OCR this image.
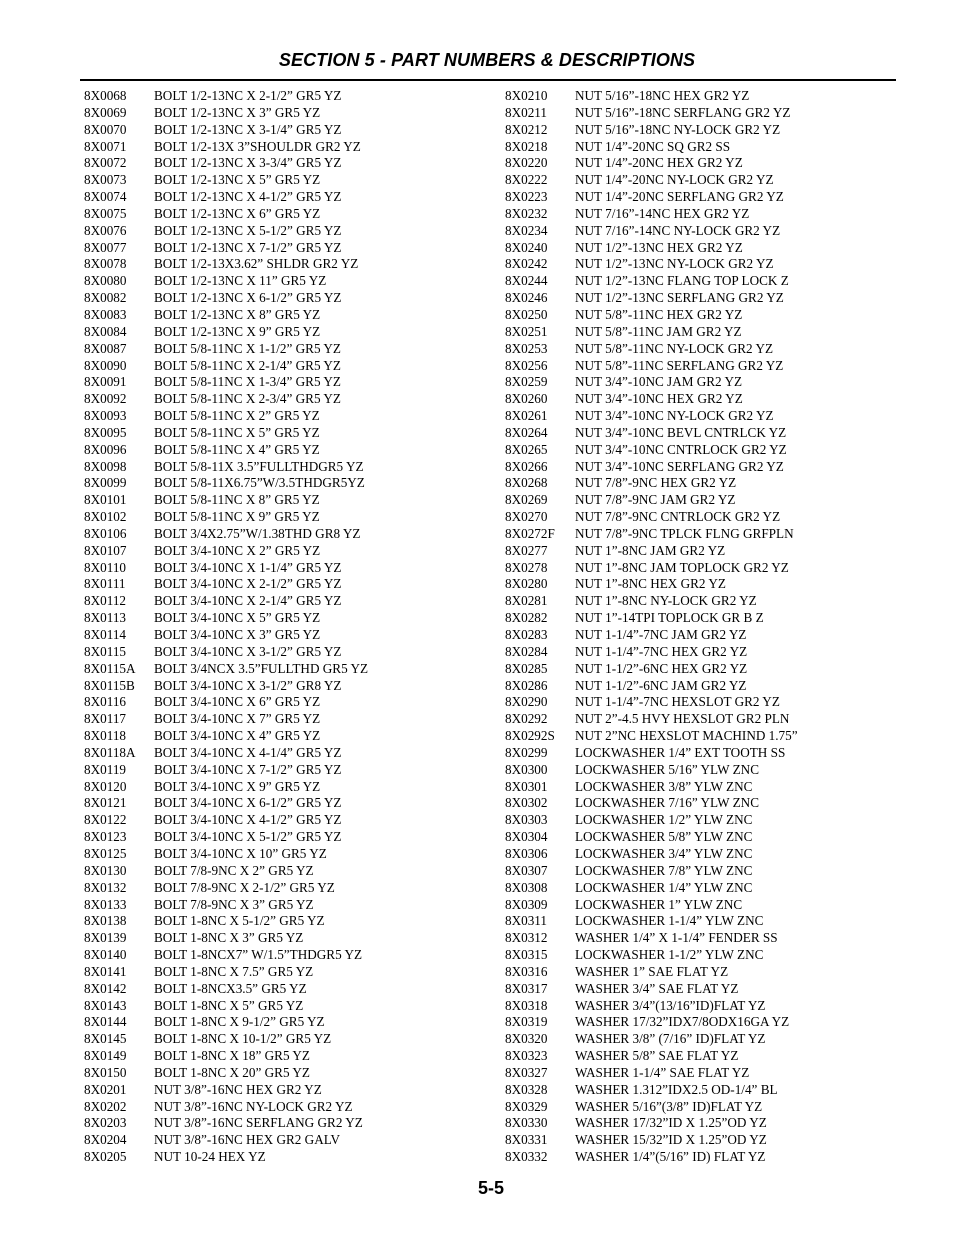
SECTION 5 - PART NUMBERS & DESCRIPTIONS
8X0068 BOLT 1/2-13NC X 2-1/2” GR5 YZ
8X0069 BOLT 1/2-13NC X 3” GR5 YZ
8X0070 BOLT 1/2-13NC X 3-1/4” GR5 YZ
8X0071 BOLT 1/2-13X 3”SHOULDR GR2 YZ
8X0072 BOLT 1/2-13NC X 3-3/4” GR5 YZ
8X0073 BOLT 1/2-13NC X 5” GR5 YZ
8X0074 BOLT 1/2-13NC X 4-1/2” GR5 YZ
8X0075 BOLT 1/2-13NC X 6” GR5 YZ
8X0076 BOLT 1/2-13NC X 5-1/2” GR5 YZ
8X0077 BOLT 1/2-13NC X 7-1/2” GR5 YZ
8X0078 BOLT 1/2-13X3.62” SHLDR GR2 YZ
8X0080 BOLT 1/2-13NC X 11” GR5 YZ
8X0082 BOLT 1/2-13NC X 6-1/2” GR5 YZ
8X0083 BOLT 1/2-13NC X 8” GR5 YZ
8X0084 BOLT 1/2-13NC X 9” GR5 YZ
8X0087 BOLT 5/8-11NC X 1-1/2” GR5 YZ
8X0090 BOLT 5/8-11NC X 2-1/4” GR5 YZ
8X0091 BOLT 5/8-11NC X 1-3/4” GR5 YZ
8X0092 BOLT 5/8-11NC X 2-3/4” GR5 YZ
8X0093 BOLT 5/8-11NC X 2” GR5 YZ
8X0095 BOLT 5/8-11NC X 5” GR5 YZ
8X0096 BOLT 5/8-11NC X 4” GR5 YZ
8X0098 BOLT 5/8-11X 3.5”FULLTHDGR5 YZ
8X0099 BOLT 5/8-11X6.75”W/3.5THDGR5YZ
8X0101 BOLT 5/8-11NC X 8” GR5 YZ
8X0102 BOLT 5/8-11NC X 9” GR5 YZ
8X0106 BOLT 3/4X2.75”W/1.38THD GR8 YZ
8X0107 BOLT 3/4-10NC X 2” GR5 YZ
8X0110 BOLT 3/4-10NC X 1-1/4” GR5 YZ
8X0111 BOLT 3/4-10NC X 2-1/2” GR5 YZ
8X0112 BOLT 3/4-10NC X 2-1/4” GR5 YZ
8X0113 BOLT 3/4-10NC X 5” GR5 YZ
8X0114 BOLT 3/4-10NC X 3” GR5 YZ
8X0115 BOLT 3/4-10NC X 3-1/2” GR5 YZ
8X0115A BOLT 3/4NCX 3.5”FULLTHD GR5 YZ
8X0115B BOLT 3/4-10NC X 3-1/2” GR8 YZ
8X0116 BOLT 3/4-10NC X 6” GR5 YZ
8X0117 BOLT 3/4-10NC X 7” GR5 YZ
8X0118 BOLT 3/4-10NC X 4” GR5 YZ
8X0118A BOLT 3/4-10NC X 4-1/4” GR5 YZ
8X0119 BOLT 3/4-10NC X 7-1/2” GR5 YZ
8X0120 BOLT 3/4-10NC X 9” GR5 YZ
8X0121 BOLT 3/4-10NC X 6-1/2” GR5 YZ
8X0122 BOLT 3/4-10NC X 4-1/2” GR5 YZ
8X0123 BOLT 3/4-10NC X 5-1/2” GR5 YZ
8X0125 BOLT 3/4-10NC X 10” GR5 YZ
8X0130 BOLT 7/8-9NC X 2” GR5 YZ
8X0132 BOLT 7/8-9NC X 2-1/2” GR5 YZ
8X0133 BOLT 7/8-9NC X 3” GR5 YZ
8X0138 BOLT 1-8NC X 5-1/2” GR5 YZ
8X0139 BOLT 1-8NC X 3” GR5 YZ
8X0140 BOLT 1-8NCX7” W/1.5”THDGR5 YZ
8X0141 BOLT 1-8NC X 7.5” GR5 YZ
8X0142 BOLT 1-8NCX3.5” GR5 YZ
8X0143 BOLT 1-8NC X 5” GR5 YZ
8X0144 BOLT 1-8NC X 9-1/2” GR5 YZ
8X0145 BOLT 1-8NC X 10-1/2” GR5 YZ
8X0149 BOLT 1-8NC X 18” GR5 YZ
8X0150 BOLT 1-8NC X 20” GR5 YZ
8X0201 NUT 3/8”-16NC HEX GR2 YZ
8X0202 NUT 3/8”-16NC NY-LOCK GR2 YZ
8X0203 NUT 3/8”-16NC SERFLANG GR2 YZ
8X0204 NUT 3/8”-16NC HEX GR2 GALV
8X0205 NUT 10-24 HEX YZ
8X0210 NUT 5/16”-18NC HEX GR2 YZ
8X0211 NUT 5/16”-18NC SERFLANG GR2 YZ
8X0212 NUT 5/16”-18NC NY-LOCK GR2 YZ
8X0218 NUT 1/4”-20NC SQ GR2 SS
8X0220 NUT 1/4”-20NC HEX GR2 YZ
8X0222 NUT 1/4”-20NC NY-LOCK GR2 YZ
8X0223 NUT 1/4”-20NC SERFLANG GR2 YZ
8X0232 NUT 7/16”-14NC HEX GR2 YZ
8X0234 NUT 7/16”-14NC NY-LOCK GR2 YZ
8X0240 NUT 1/2”-13NC HEX GR2 YZ
8X0242 NUT 1/2”-13NC NY-LOCK GR2 YZ
8X0244 NUT 1/2”-13NC FLANG TOP LOCK Z
8X0246 NUT 1/2”-13NC SERFLANG GR2 YZ
8X0250 NUT 5/8”-11NC HEX GR2 YZ
8X0251 NUT 5/8”-11NC JAM GR2 YZ
8X0253 NUT 5/8”-11NC NY-LOCK GR2 YZ
8X0256 NUT 5/8”-11NC SERFLANG GR2 YZ
8X0259 NUT 3/4”-10NC JAM GR2 YZ
8X0260 NUT 3/4”-10NC HEX GR2 YZ
8X0261 NUT 3/4”-10NC NY-LOCK GR2 YZ
8X0264 NUT 3/4”-10NC BEVL CNTRLCK YZ
8X0265 NUT 3/4”-10NC CNTRLOCK GR2 YZ
8X0266 NUT 3/4”-10NC SERFLANG GR2 YZ
8X0268 NUT 7/8”-9NC HEX GR2 YZ
8X0269 NUT 7/8”-9NC JAM GR2 YZ
8X0270 NUT 7/8”-9NC CNTRLOCK GR2 YZ
8X0272F NUT 7/8”-9NC TPLCK FLNG GRFPLN
8X0277 NUT 1”-8NC JAM GR2 YZ
8X0278 NUT 1”-8NC JAM TOPLOCK GR2 YZ
8X0280 NUT 1”-8NC HEX GR2 YZ
8X0281 NUT 1”-8NC NY-LOCK GR2 YZ
8X0282 NUT 1”-14TPI TOPLOCK GR B Z
8X0283 NUT 1-1/4”-7NC JAM GR2 YZ
8X0284 NUT 1-1/4”-7NC HEX GR2 YZ
8X0285 NUT 1-1/2”-6NC HEX GR2 YZ
8X0286 NUT 1-1/2”-6NC JAM GR2 YZ
8X0290 NUT 1-1/4”-7NC HEXSLOT GR2 YZ
8X0292 NUT 2”-4.5 HVY HEXSLOT GR2 PLN
8X0292S NUT 2”NC HEXSLOT MACHIND 1.75”
8X0299 LOCKWASHER 1/4” EXT TOOTH SS
8X0300 LOCKWASHER 5/16” YLW ZNC
8X0301 LOCKWASHER 3/8” YLW ZNC
8X0302 LOCKWASHER 7/16” YLW ZNC
8X0303 LOCKWASHER 1/2” YLW ZNC
8X0304 LOCKWASHER 5/8” YLW ZNC
8X0306 LOCKWASHER 3/4” YLW ZNC
8X0307 LOCKWASHER 7/8” YLW ZNC
8X0308 LOCKWASHER 1/4” YLW ZNC
8X0309 LOCKWASHER 1” YLW ZNC
8X0311 LOCKWASHER 1-1/4” YLW ZNC
8X0312 WASHER 1/4” X 1-1/4” FENDER SS
8X0315 LOCKWASHER 1-1/2” YLW ZNC
8X0316 WASHER 1” SAE FLAT YZ
8X0317 WASHER 3/4” SAE FLAT YZ
8X0318 WASHER 3/4”(13/16”ID)FLAT YZ
8X0319 WASHER 17/32”IDX7/8ODX16GA YZ
8X0320 WASHER 3/8” (7/16” ID)FLAT YZ
8X0323 WASHER 5/8” SAE FLAT YZ
8X0327 WASHER 1-1/4” SAE FLAT YZ
8X0328 WASHER 1.312”IDX2.5 OD-1/4” BL
8X0329 WASHER 5/16”(3/8” ID)FLAT YZ
8X0330 WASHER 17/32”ID X 1.25”OD YZ
8X0331 WASHER 15/32”ID X 1.25”OD YZ
8X0332 WASHER 1/4”(5/16” ID) FLAT YZ
5-5
